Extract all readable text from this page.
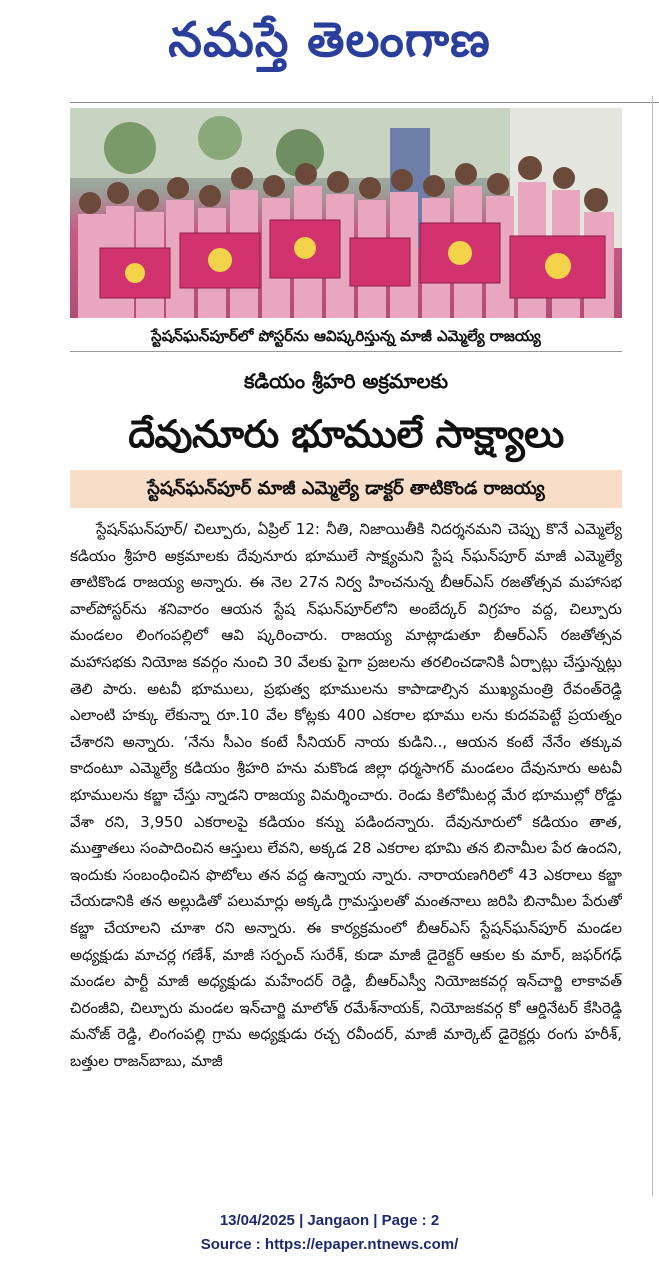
నమస్తే తెలంగాణ
స్టేషన్‌ఘన్‌పూర్‌లో పోస్టర్‌ను ఆవిష్కరిస్తున్న మాజీ ఎమ్మెల్యే రాజయ్య
కడియం శ్రీహరి అక్రమాలకు
దేవునూరు భూములే సాక్ష్యాలు
స్టేషన్‌ఘన్‌పూర్ మాజీ ఎమ్మెల్యే డాక్టర్ తాటికొండ రాజయ్య
స్టేషన్‌ఘన్‌పూర్/ చిల్పూరు, ఏప్రిల్ 12: నీతి, నిజాయితీకి నిదర్శనమని చెప్పు కొనే ఎమ్మెల్యే కడియం శ్రీహరి అక్రమాలకు దేవునూరు భూములే సాక్ష్యమని స్టేష న్‌ఘన్‌పూర్ మాజీ ఎమ్మెల్యే తాటికొండ రాజయ్య అన్నారు. ఈ నెల 27న నిర్వ హించనున్న బీఆర్‌ఎస్ రజతోత్సవ మహాసభ వాల్‌పోస్టర్‌ను శనివారం ఆయన స్టేష న్‌ఘన్‌పూర్‌లోని అంబేద్కర్ విగ్రహం వద్ద, చిల్పూరు మండలం లింగంపల్లిలో ఆవి ష్కరించారు. రాజయ్య మాట్లాడుతూ బీఆర్‌ఎస్ రజతోత్సవ మహాసభకు నియోజ కవర్గం నుంచి 30 వేలకు పైగా ప్రజలను తరలించడానికి ఏర్పాట్లు చేస్తున్నట్లు తెలి పారు. అటవీ భూములు, ప్రభుత్వ భూములను కాపాడాల్సిన ముఖ్యమంత్రి రేవంత్‌రెడ్డి ఎలాంటి హక్కు లేకున్నా రూ.10 వేల కోట్లకు 400 ఎకరాల భూము లను కుదవపెట్టే ప్రయత్నం చేశారని అన్నారు. ‘నేను సీఎం కంటే సీనియర్ నాయ కుడిని.., ఆయన కంటే నేనేం తక్కువ కాదంటూ ఎమ్మెల్యే కడియం శ్రీహరి హను మకొండ జిల్లా ధర్మసాగర్ మండలం దేవునూరు అటవీ భూములను కబ్జా చేస్తు న్నాడని రాజయ్య విమర్శించారు. రెండు కిలోమీటర్ల మేర భూముల్లో రోడ్డు వేశా రని, 3,950 ఎకరాలపై కడియం కన్ను పడిందన్నారు. దేవునూరులో కడియం తాత, ముత్తాతలు సంపాదించిన ఆస్తులు లేవని, అక్కడ 28 ఎకరాల భూమి తన బినామీల పేర ఉందని, ఇందుకు సంబంధించిన ఫొటోలు తన వద్ద ఉన్నాయ న్నారు. నారాయణగిరిలో 43 ఎకరాలు కబ్జా చేయడానికి తన అల్లుడితో పలుమార్లు అక్కడి గ్రామస్తులతో మంతనాలు జరిపి బినామీల పేరుతో కబ్జా చేయాలని చూశా రని అన్నారు. ఈ కార్యక్రమంలో బీఆర్‌ఎస్ స్టేషన్‌ఘన్‌పూర్ మండల అధ్యక్షుడు మాచర్ల గణేశ్, మాజీ సర్పంచ్ సురేశ్, కుడా మాజీ డైరెక్టర్ ఆకుల కు మార్, జఫర్‌గఢ్ మండల పార్టీ మాజీ అధ్యక్షుడు మహేందర్ రెడ్డి, బీఆర్‌ఎస్వీ నియోజకవర్గ ఇన్‌చార్జి లాకావత్ చిరంజీవి, చిల్పూరు మండల ఇన్‌చార్జి మాలోత్ రమేశ్‌నాయక్, నియోజకవర్గ కో ఆర్డినేటర్ కేసిరెడ్డి మనోజ్ రెడ్డి, లింగంపల్లి గ్రామ అధ్యక్షుడు రచ్చ రవీందర్, మాజీ మార్కెట్ డైరెక్టర్లు రంగు హరీశ్, బత్తుల రాజన్‌బాబు, మాజీ
13/04/2025 | Jangaon | Page : 2
Source : https://epaper.ntnews.com/
